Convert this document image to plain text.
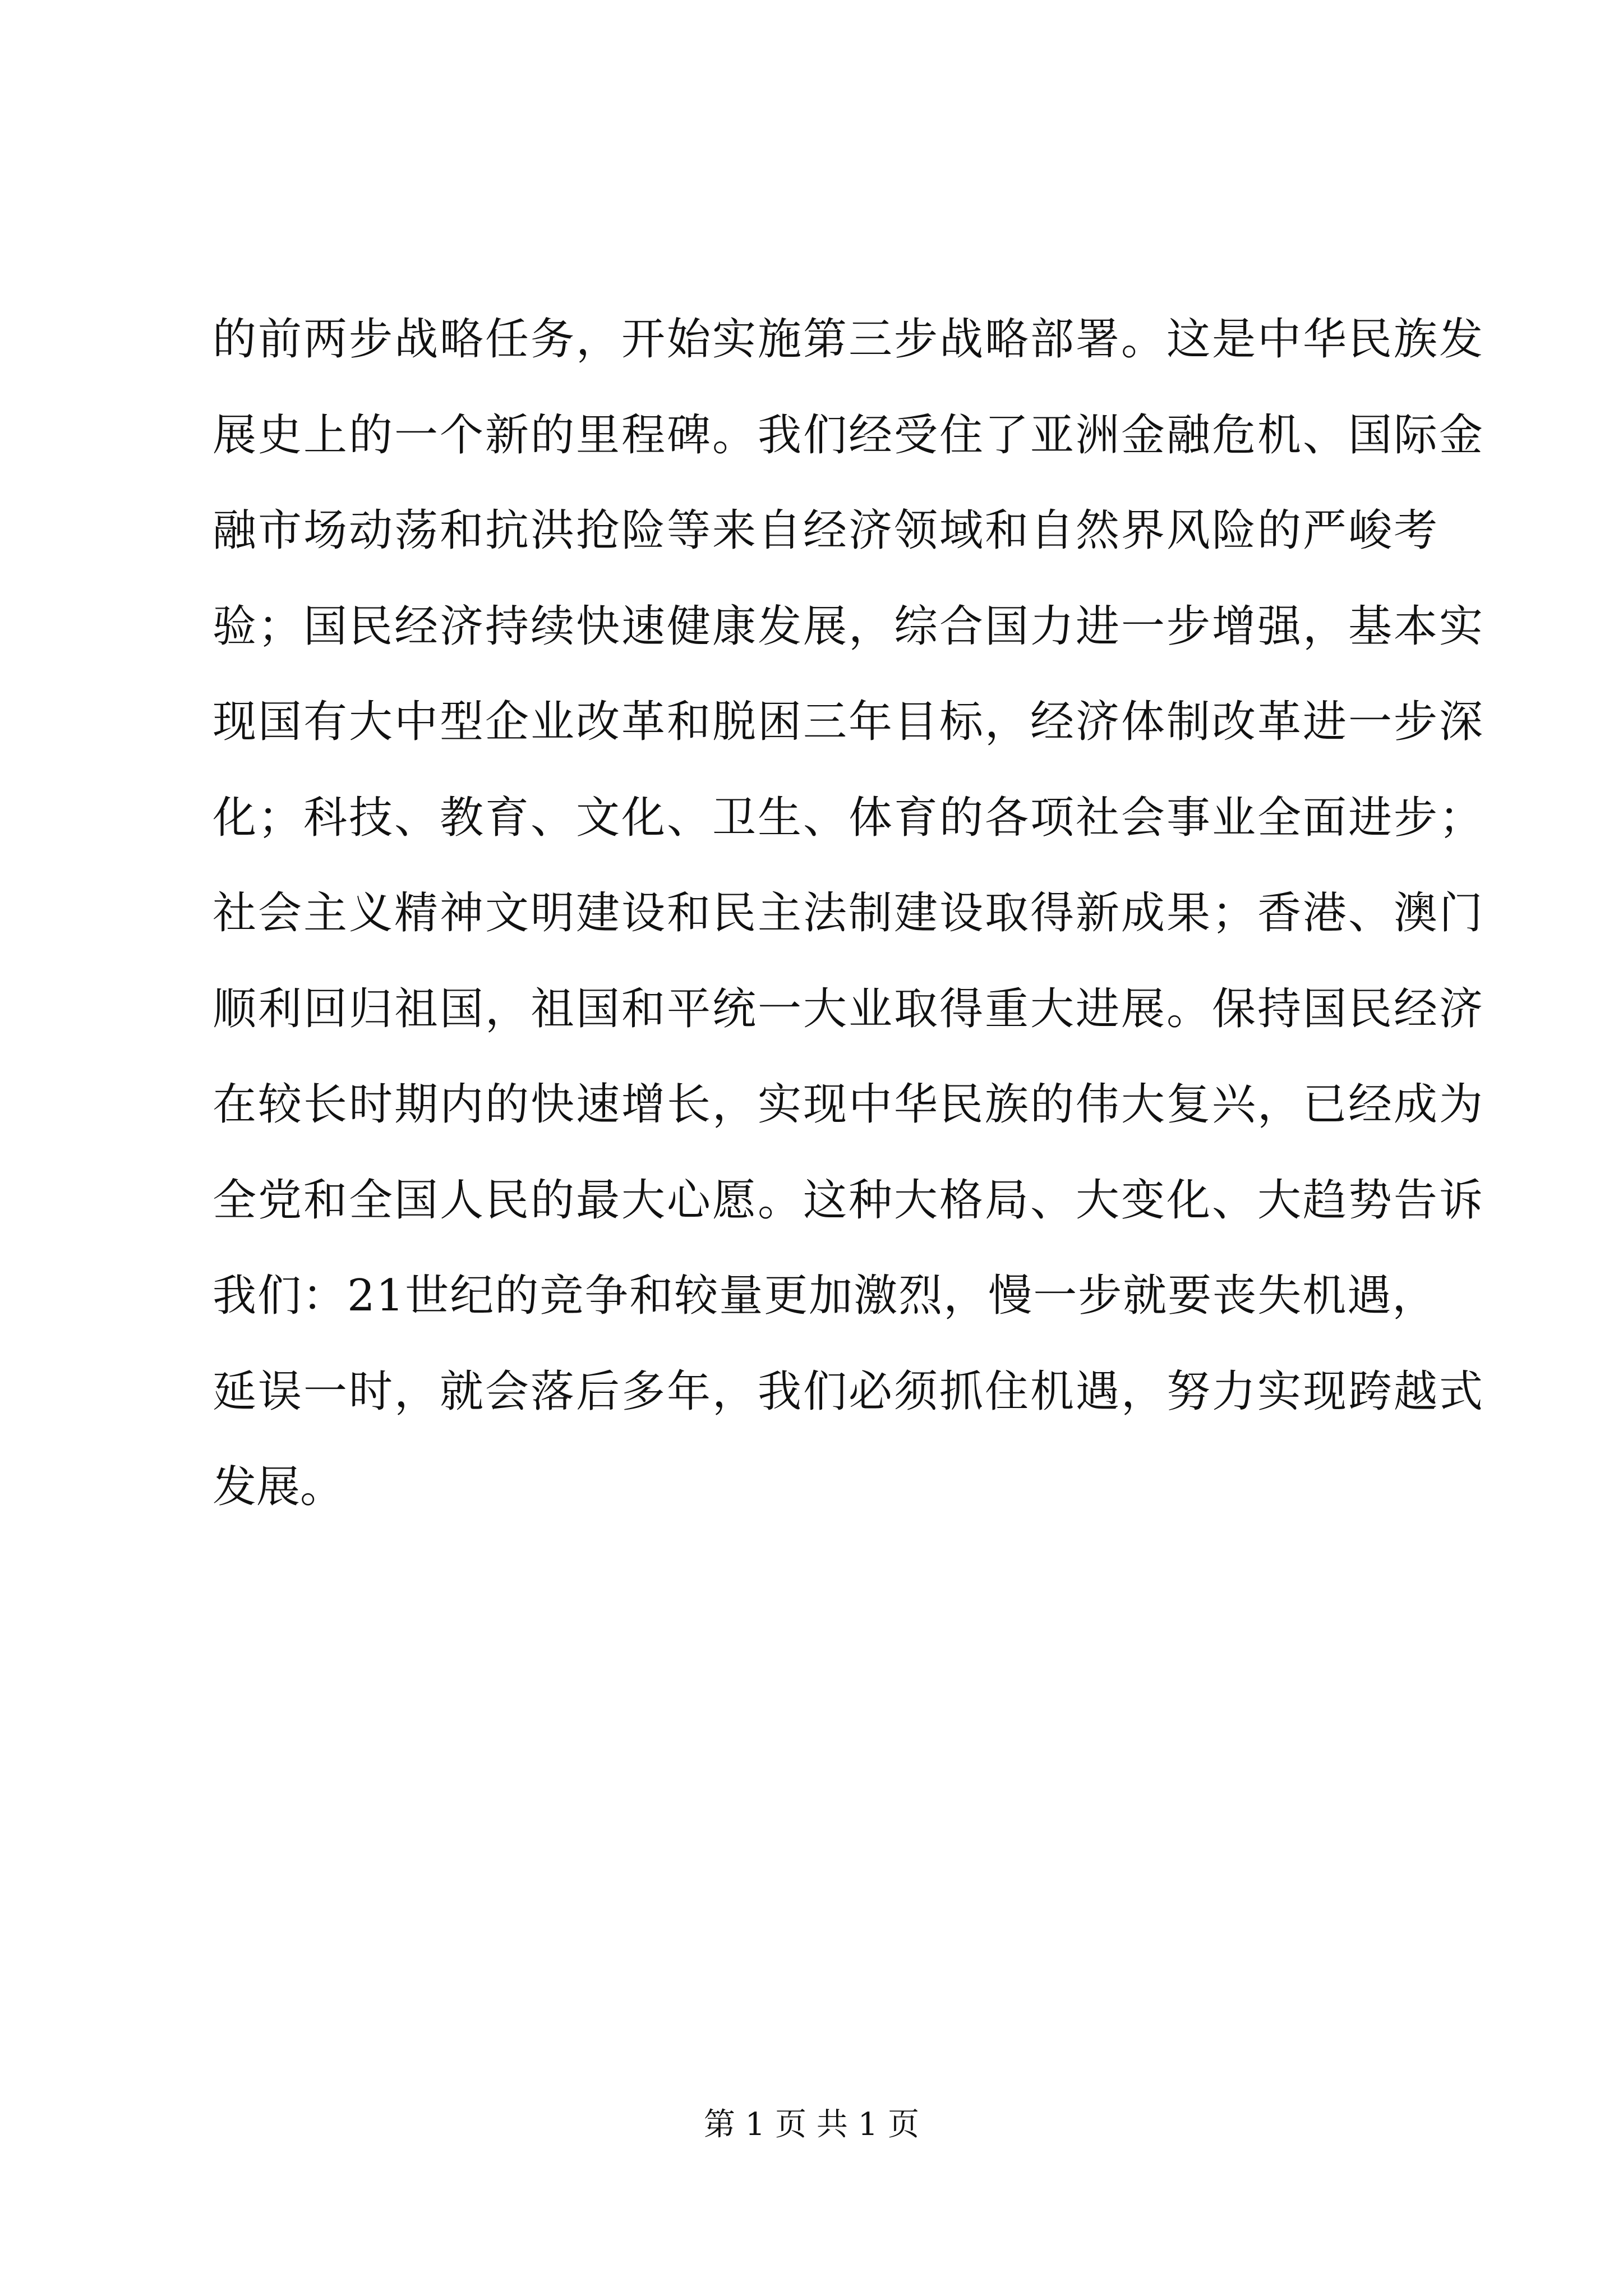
的前两步战略任务，开始实施第三步战略部署。这是中华民族发
展史上的一个新的里程碑。我们经受住了亚洲金融危机、国际金
融市场动荡和抗洪抢险等来自经济领域和自然界风险的严峻考
验；国民经济持续快速健康发展，综合国力进一步增强，基本实
现国有大中型企业改革和脱困三年目标，经济体制改革进一步深
化；科技、教育、文化、卫生、体育的各项社会事业全面进步；
社会主义精神文明建设和民主法制建设取得新成果；香港、澳门
顺利回归祖国，祖国和平统一大业取得重大进展。保持国民经济
在较长时期内的快速增长，实现中华民族的伟大复兴，已经成为
全党和全国人民的最大心愿。这种大格局、大变化、大趋势告诉
我们：21世纪的竞争和较量更加激烈，慢一步就要丧失机遇，
延误一时，就会落后多年，我们必须抓住机遇，努力实现跨越式
发展。
第 1 页 共 1 页
